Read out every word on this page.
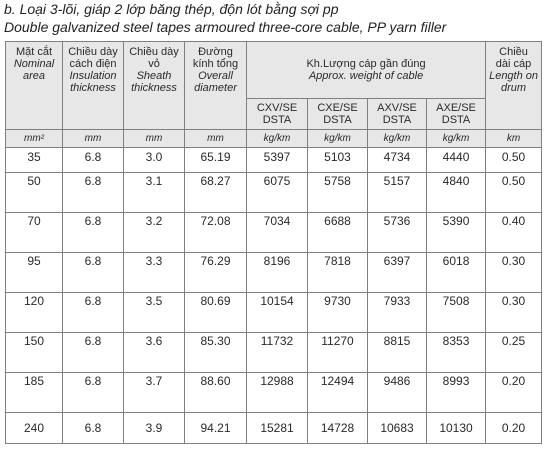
b. Loại 3-lõi, giáp 2 lớp băng thép, độn lót bằng sợi pp
Double galvanized steel tapes armoured three-core cable, PP yarn filler
Mặt cắt
Nominal
area	Chiều dày
cách điện
Insulation
thickness	Chiều dày
vỏ
Sheath
thickness	Đường
kính tổng
Overall
diameter	Kh.Lượng cáp gần đúng
Approx. weight of cable				Chiều
dài cáp
Length on
drum

				CXV/SE
DSTA	CXE/SE
DSTA	AXV/SE
DSTA	AXE/SE
DSTA	

mm²	mm	mm	mm	kg/km	kg/km	kg/km	kg/km	km
35	6.8	3.0	65.19	5397	5103	4734	4440	0.50
50	6.8	3.1	68.27	6075	5758	5157	4840	0.50
70	6.8	3.2	72.08	7034	6688	5736	5390	0.40
95	6.8	3.3	76.29	8196	7818	6397	6018	0.30
120	6.8	3.5	80.69	10154	9730	7933	7508	0.30
150	6.8	3.6	85.30	11732	11270	8815	8353	0.25
185	6.8	3.7	88.60	12988	12494	9486	8993	0.20
240	6.8	3.9	94.21	15281	14728	10683	10130	0.20
